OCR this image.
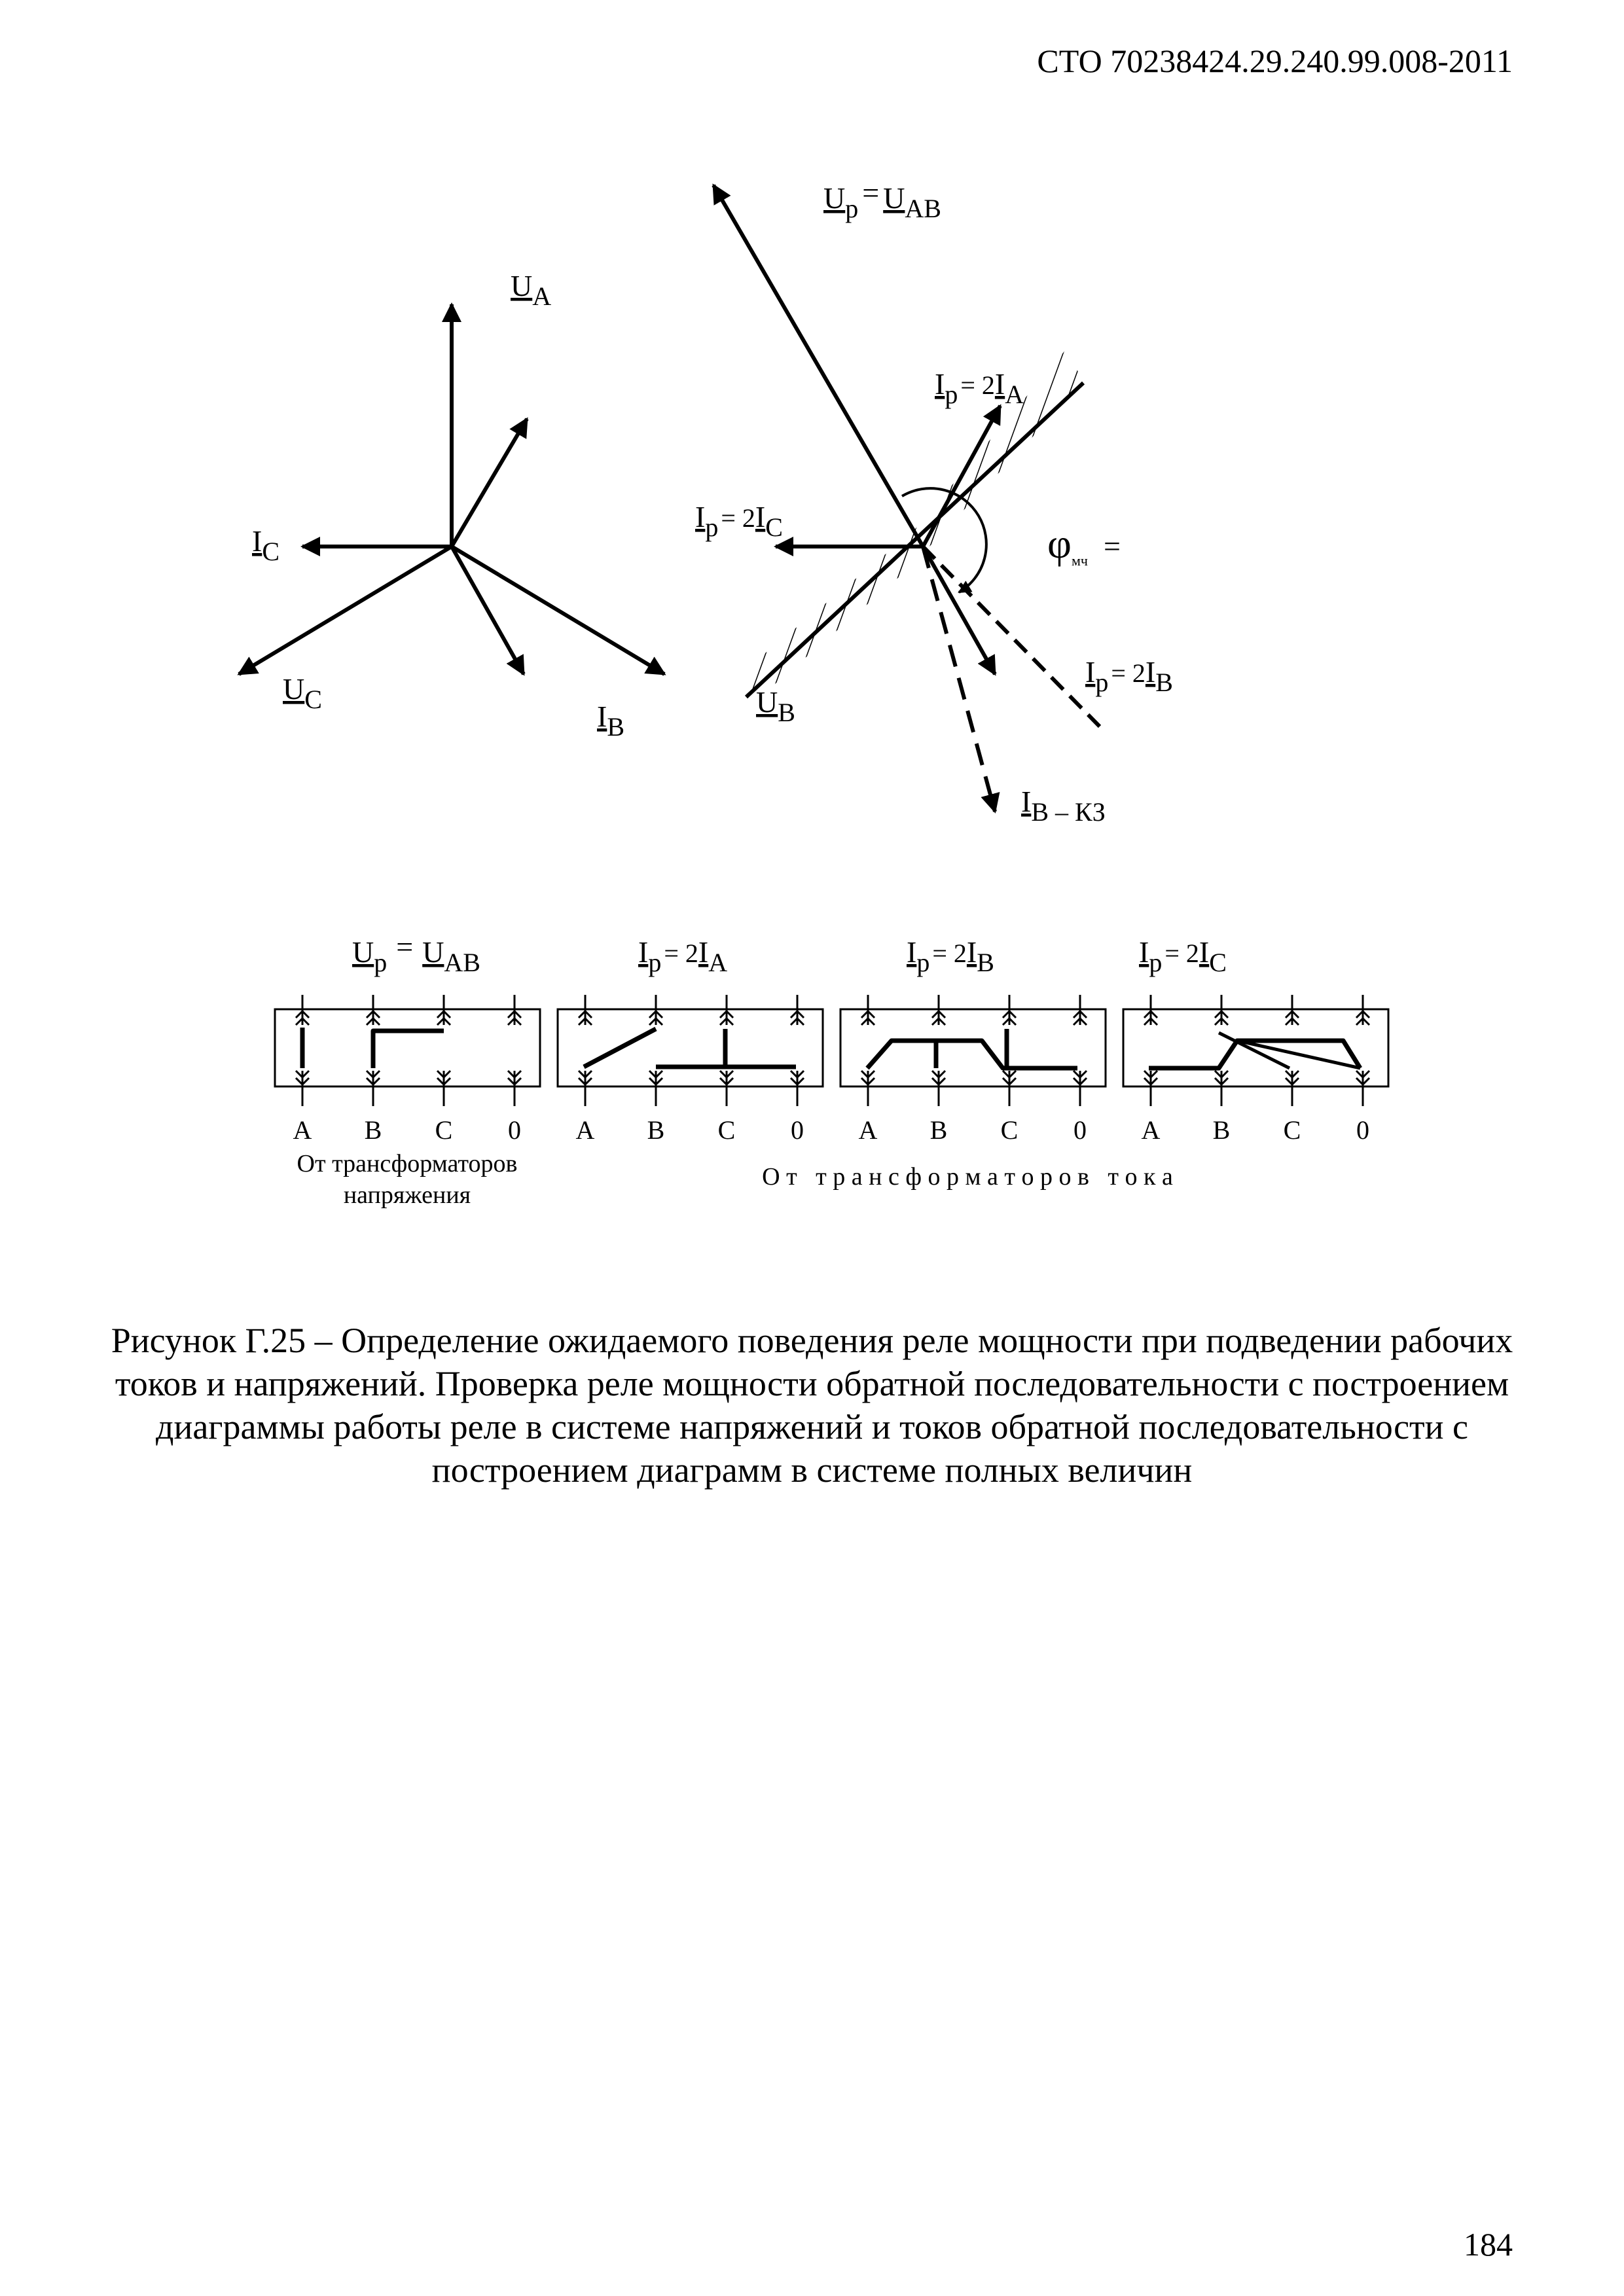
СТО 70238424.29.240.99.008-2011
UA
IC
UC
IB
Up = UAB
Ip = 2IA
Ip = 2IC	φмч =
UB
Ip = 2IB
IB – КЗ
Up = UAB	Ip = 2IA	Ip = 2IB	Ip = 2IC
A B C 0 A B C 0 A B C 0 A B C 0
От трансформаторов
напряжения
О т   т р а н с ф о р м а т о р о в   т о к а
Рисунок Г.25 – Определение ожидаемого поведения реле мощности при подведении рабочих токов и напряжений. Проверка реле мощности обратной последовательности с построением диаграммы работы реле в системе напряжений и токов обратной последовательности с построением диаграмм в системе полных величин
184
